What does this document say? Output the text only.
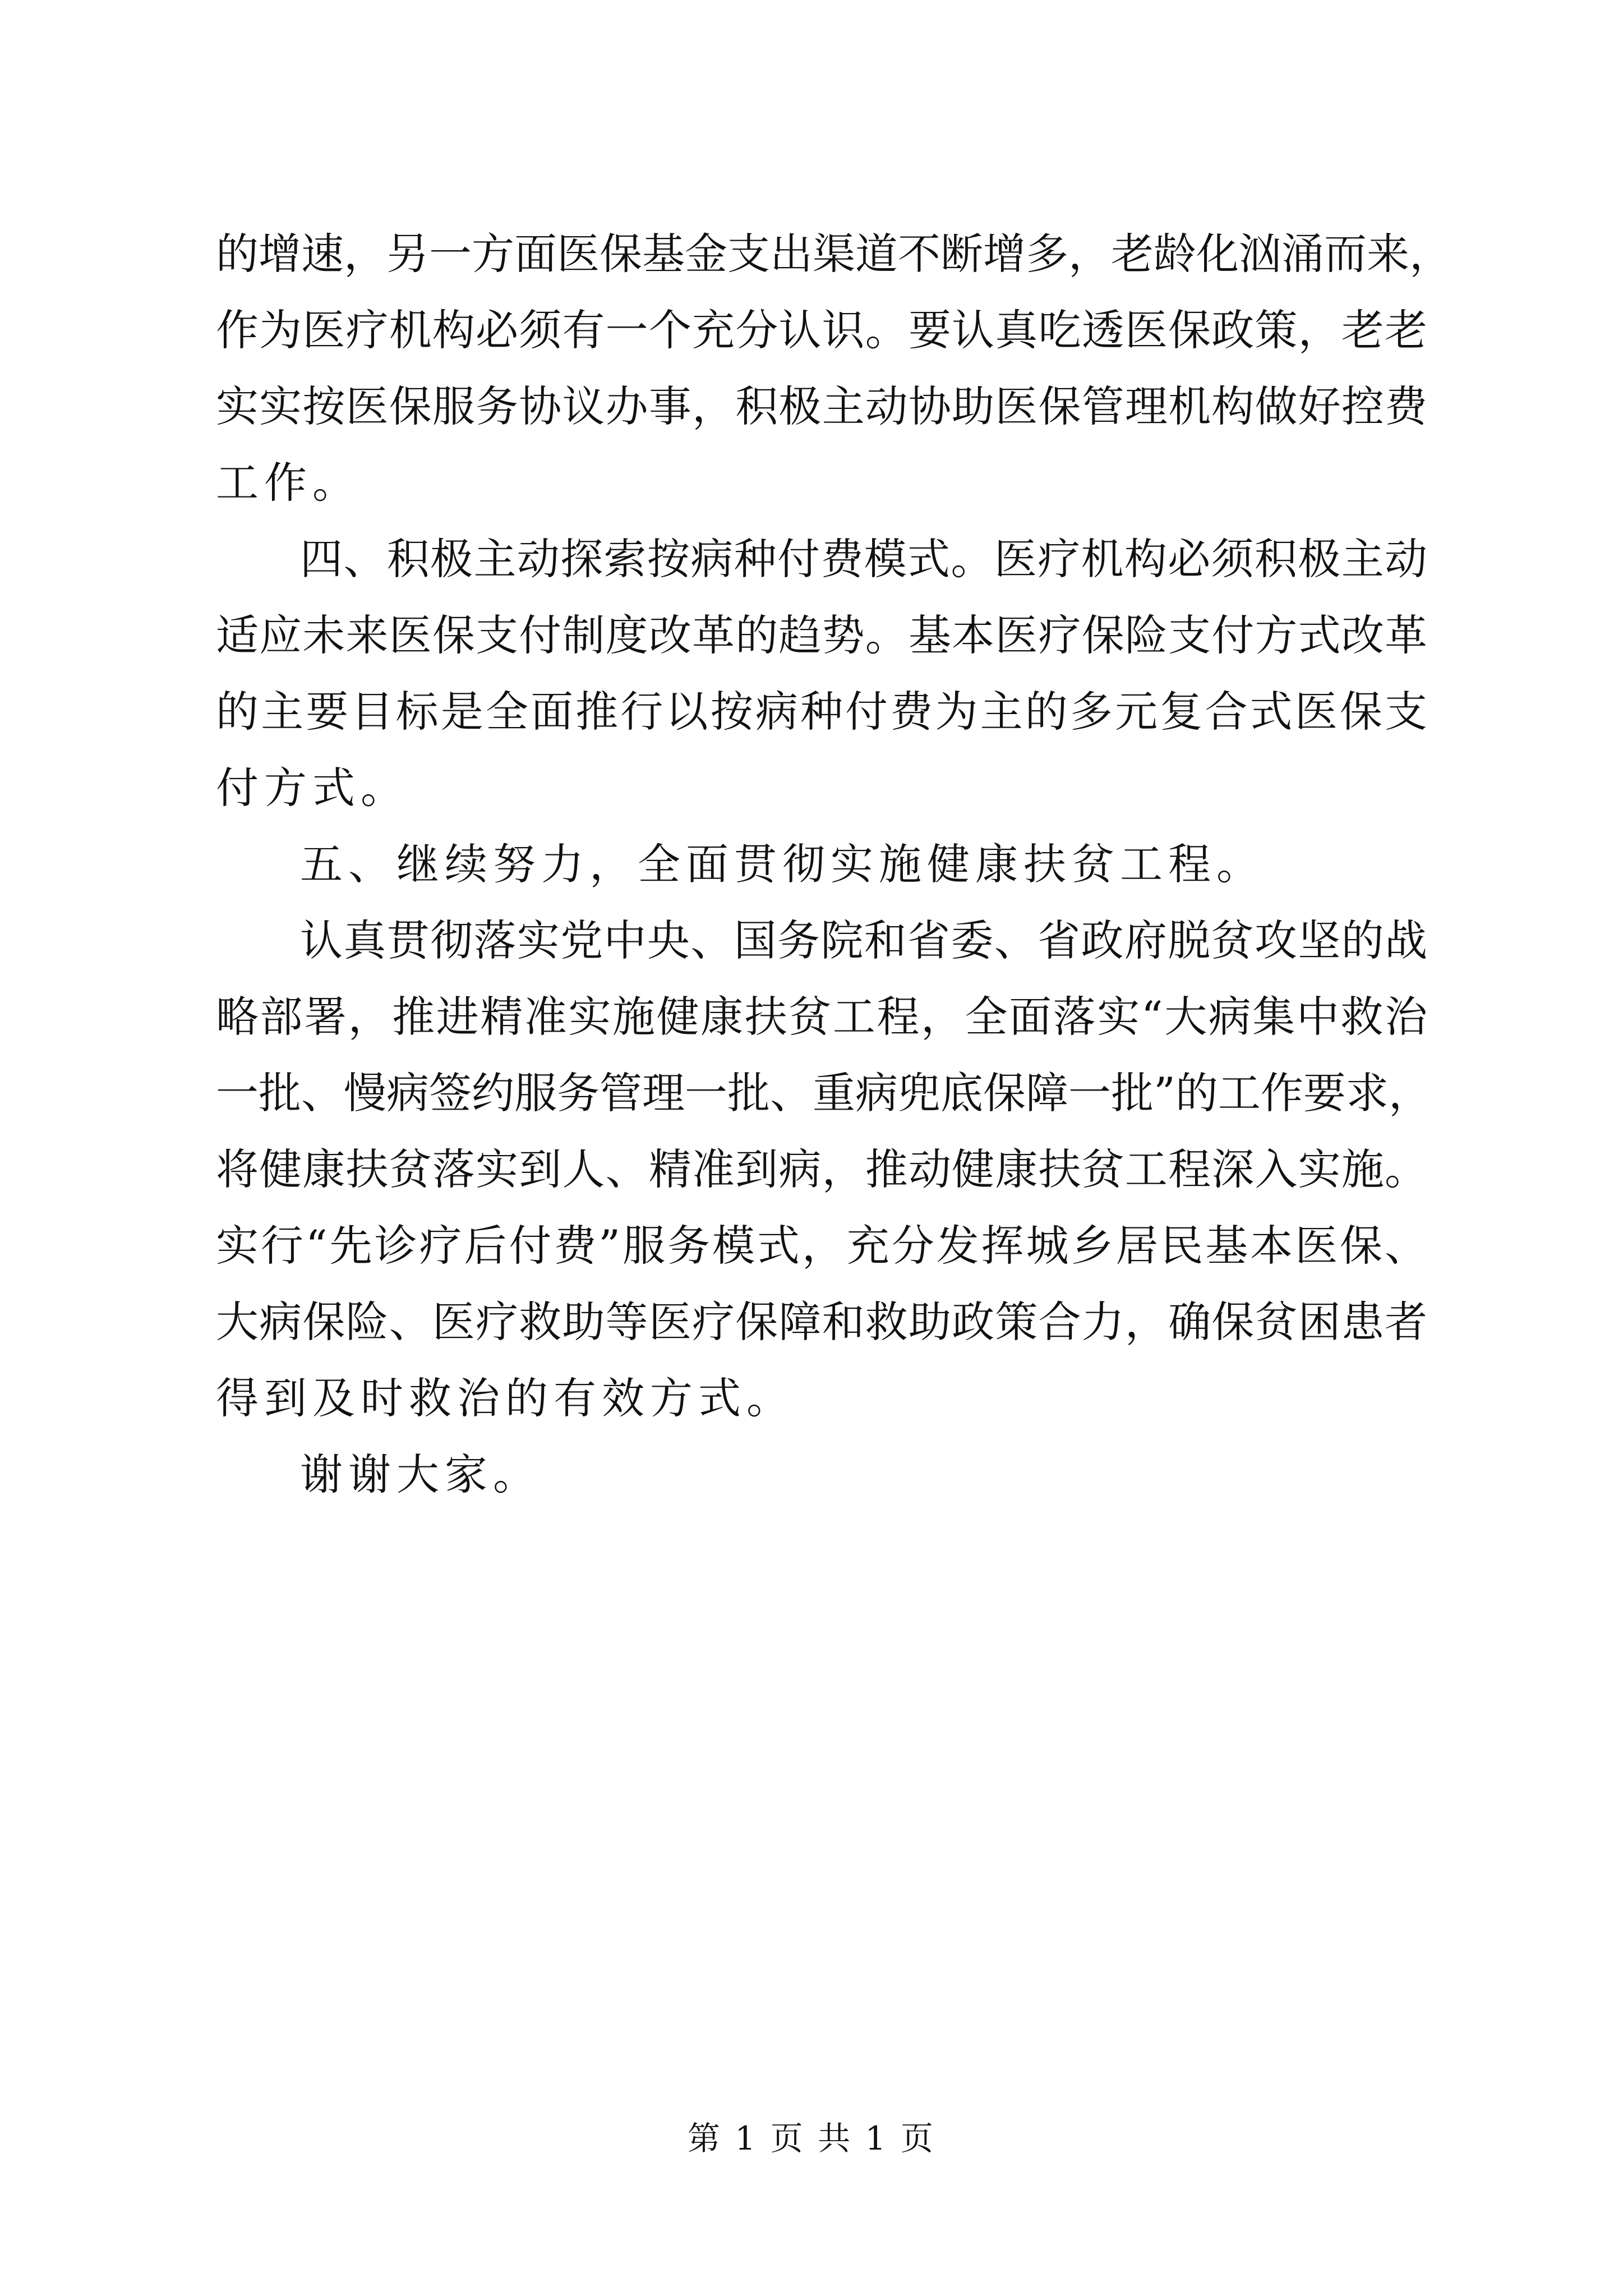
的增速，另一方面医保基金支出渠道不断增多，老龄化汹涌而来，
作为医疗机构必须有一个充分认识。要认真吃透医保政策，老老
实实按医保服务协议办事，积极主动协助医保管理机构做好控费
工作。
四、积极主动探索按病种付费模式。医疗机构必须积极主动
适应未来医保支付制度改革的趋势。基本医疗保险支付方式改革
的主要目标是全面推行以按病种付费为主的多元复合式医保支
付方式。
五、继续努力，全面贯彻实施健康扶贫工程。
认真贯彻落实党中央、国务院和省委、省政府脱贫攻坚的战
略部署，推进精准实施健康扶贫工程，全面落实“大病集中救治
一批、慢病签约服务管理一批、重病兜底保障一批”的工作要求，
将健康扶贫落实到人、精准到病，推动健康扶贫工程深入实施。
实行“先诊疗后付费”服务模式，充分发挥城乡居民基本医保、
大病保险、医疗救助等医疗保障和救助政策合力，确保贫困患者
得到及时救治的有效方式。
谢谢大家。
第 1 页 共 1 页
